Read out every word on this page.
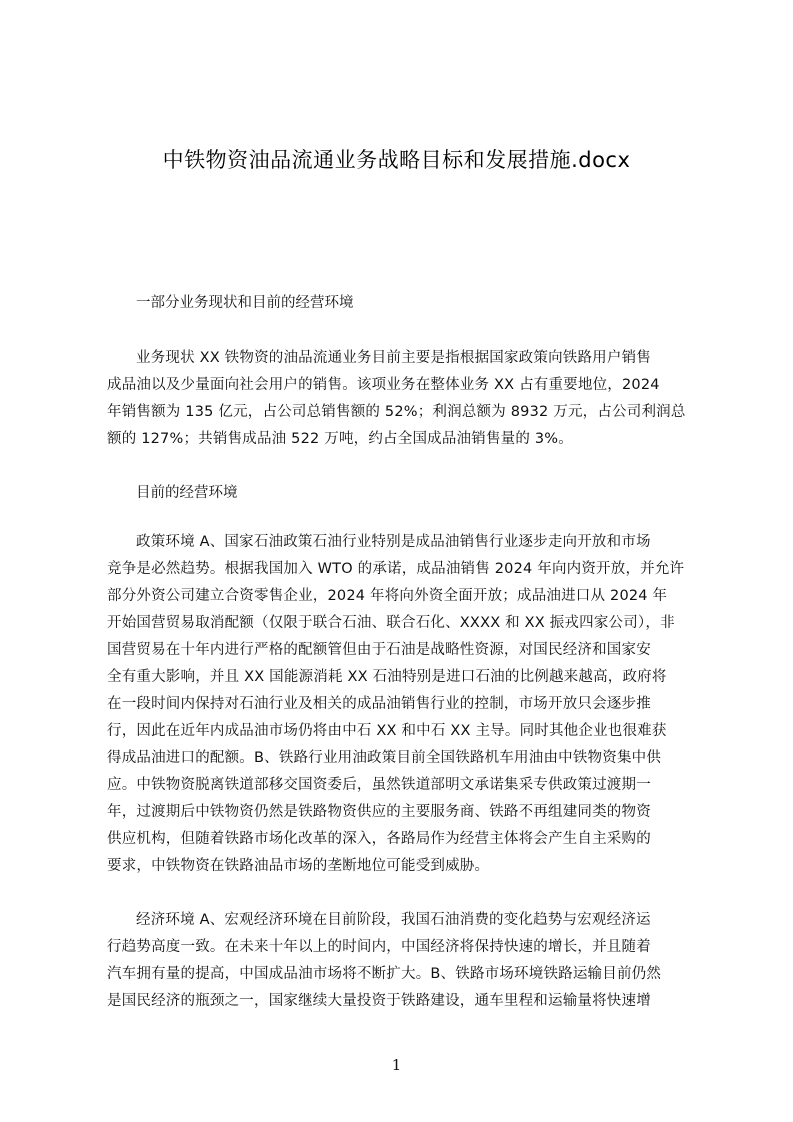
中铁物资油品流通业务战略目标和发展措施.docx
一部分业务现状和目前的经营环境
业务现状 XX 铁物资的油品流通业务目前主要是指根据国家政策向铁路用户销售
成品油以及少量面向社会用户的销售。该项业务在整体业务 XX 占有重要地位，2024
年销售额为 135 亿元，占公司总销售额的 52%；利润总额为 8932 万元，占公司利润总
额的 127%；共销售成品油 522 万吨，约占全国成品油销售量的 3%。
目前的经营环境
政策环境 A、国家石油政策石油行业特别是成品油销售行业逐步走向开放和市场
竞争是必然趋势。根据我国加入 WTO 的承诺，成品油销售 2024 年向内资开放，并允许
部分外资公司建立合资零售企业，2024 年将向外资全面开放；成品油进口从 2024 年
开始国营贸易取消配额（仅限于联合石油、联合石化、XXXX 和 XX 振戎四家公司），非
国营贸易在十年内进行严格的配额管但由于石油是战略性资源，对国民经济和国家安
全有重大影响，并且 XX 国能源消耗 XX 石油特别是进口石油的比例越来越高，政府将
在一段时间内保持对石油行业及相关的成品油销售行业的控制，市场开放只会逐步推
行，因此在近年内成品油市场仍将由中石 XX 和中石 XX 主导。同时其他企业也很难获
得成品油进口的配额。B、铁路行业用油政策目前全国铁路机车用油由中铁物资集中供
应。中铁物资脱离铁道部移交国资委后，虽然铁道部明文承诺集采专供政策过渡期一
年，过渡期后中铁物资仍然是铁路物资供应的主要服务商、铁路不再组建同类的物资
供应机构，但随着铁路市场化改革的深入，各路局作为经营主体将会产生自主采购的
要求，中铁物资在铁路油品市场的垄断地位可能受到威胁。
经济环境 A、宏观经济环境在目前阶段，我国石油消费的变化趋势与宏观经济运
行趋势高度一致。在未来十年以上的时间内，中国经济将保持快速的增长，并且随着
汽车拥有量的提高，中国成品油市场将不断扩大。B、铁路市场环境铁路运输目前仍然
是国民经济的瓶颈之一，国家继续大量投资于铁路建设，通车里程和运输量将快速增
1
